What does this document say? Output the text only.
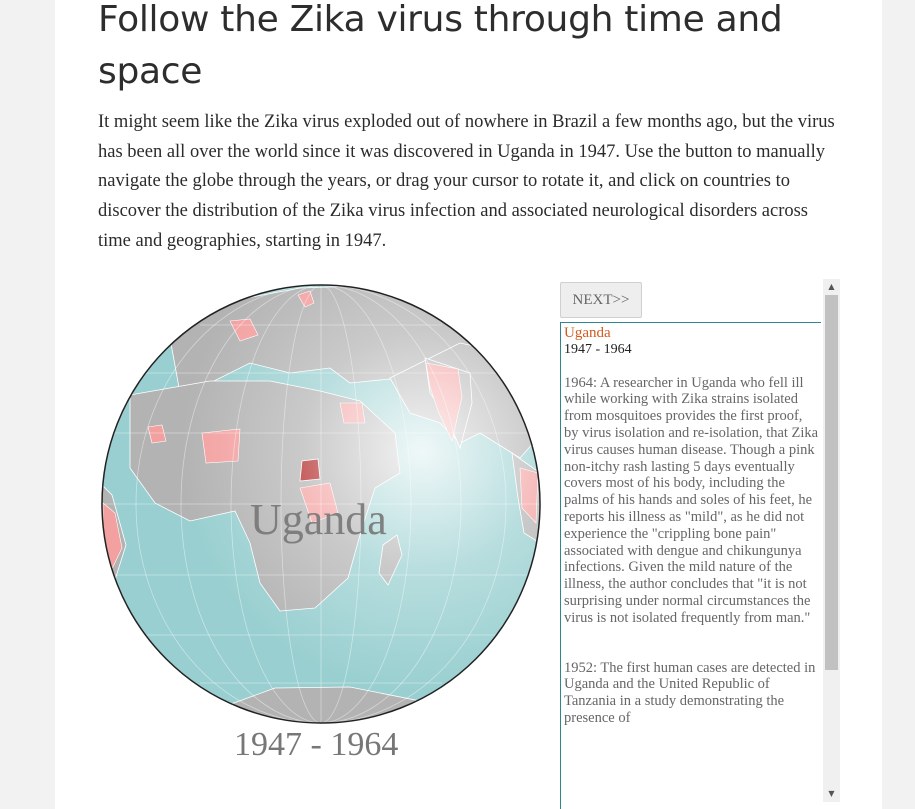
Follow the Zika virus through time and space

It might seem like the Zika virus exploded out of nowhere in Brazil a few months ago, but the virus has been all over the world since it was discovered in Uganda in 1947. Use the button to manually navigate the globe through the years, or drag your cursor to rotate it, and click on countries to discover the distribution of the Zika virus infection and associated neurological disorders across time and geographies, starting in 1947.

Uganda
1947 - 1964
NEXT>>
Uganda
1947 - 1964

1964: A researcher in Uganda who fell ill while working with Zika strains isolated from mosquitoes provides the first proof, by virus isolation and re-isolation, that Zika virus causes human disease. Though a pink non-itchy rash lasting 5 days eventually covers most of his body, including the palms of his hands and soles of his feet, he reports his illness as "mild", as he did not experience the "crippling bone pain" associated with dengue and chikungunya infections. Given the mild nature of the illness, the author concludes that "it is not surprising under normal circumstances the virus is not isolated frequently from man."

1952: The first human cases are detected in Uganda and the United Republic of Tanzania in a study demonstrating the presence of

▲
▼
